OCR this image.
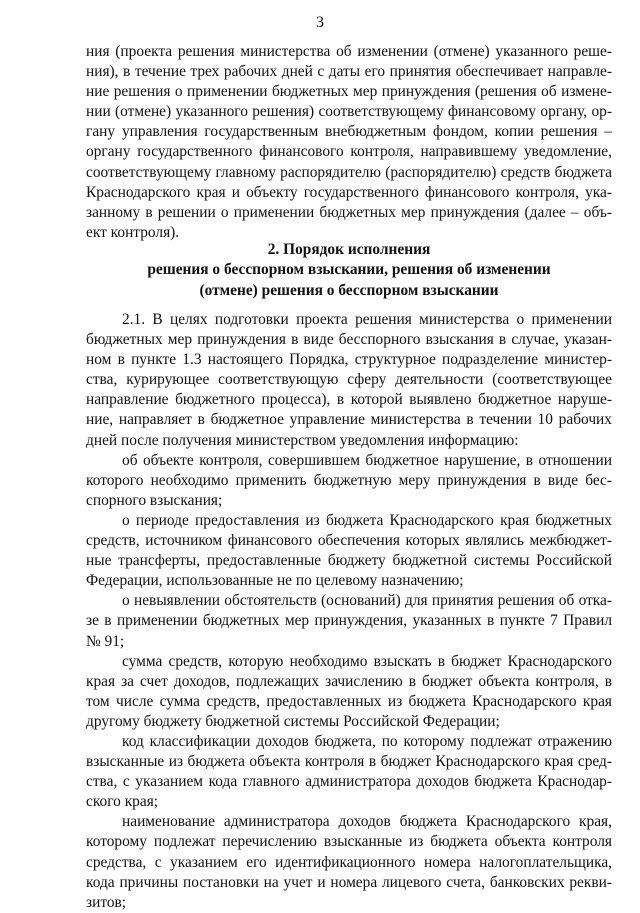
3
ния (проекта решения министерства об изменении (отмене) указанного реше-
ния), в течение трех рабочих дней с даты его принятия обеспечивает направле-
ние решения о применении бюджетных мер принуждения (решения об измене-
нии (отмене) указанного решения) соответствующему финансовому органу, ор-
гану управления государственным внебюджетным фондом, копии решения –
органу государственного финансового контроля, направившему уведомление,
соответствующему главному распорядителю (распорядителю) средств бюджета
Краснодарского края и объекту государственного финансового контроля, ука-
занному в решении о применении бюджетных мер принуждения (далее – объ-
ект контроля).
2. Порядок исполнения
решения о бесспорном взыскании, решения об изменении
(отмене) решения о бесспорном взыскании
2.1. В целях подготовки проекта решения министерства о применении
бюджетных мер принуждения в виде бесспорного взыскания в случае, указан-
ном в пункте 1.3 настоящего Порядка, структурное подразделение министер-
ства, курирующее соответствующую сферу деятельности (соответствующее
направление бюджетного процесса), в которой выявлено бюджетное наруше-
ние, направляет в бюджетное управление министерства в течении 10 рабочих
дней после получения министерством уведомления информацию:
об объекте контроля, совершившем бюджетное нарушение, в отношении
которого необходимо применить бюджетную меру принуждения в виде бес-
спорного взыскания;
о периоде предоставления из бюджета Краснодарского края бюджетных
средств, источником финансового обеспечения которых являлись межбюджет-
ные трансферты, предоставленные бюджету бюджетной системы Российской
Федерации, использованные не по целевому назначению;
о невыявлении обстоятельств (оснований) для принятия решения об отка-
зе в применении бюджетных мер принуждения, указанных в пункте 7 Правил
№ 91;
сумма средств, которую необходимо взыскать в бюджет Краснодарского
края за счет доходов, подлежащих зачислению в бюджет объекта контроля, в
том числе сумма средств, предоставленных из бюджета Краснодарского края
другому бюджету бюджетной системы Российской Федерации;
код классификации доходов бюджета, по которому подлежат отражению
взысканные из бюджета объекта контроля в бюджет Краснодарского края сред-
ства, с указанием кода главного администратора доходов бюджета Краснодар-
ского края;
наименование администратора доходов бюджета Краснодарского края,
которому подлежат перечислению взысканные из бюджета объекта контроля
средства, с указанием его идентификационного номера налогоплательщика,
кода причины постановки на учет и номера лицевого счета, банковских рекви-
зитов;
